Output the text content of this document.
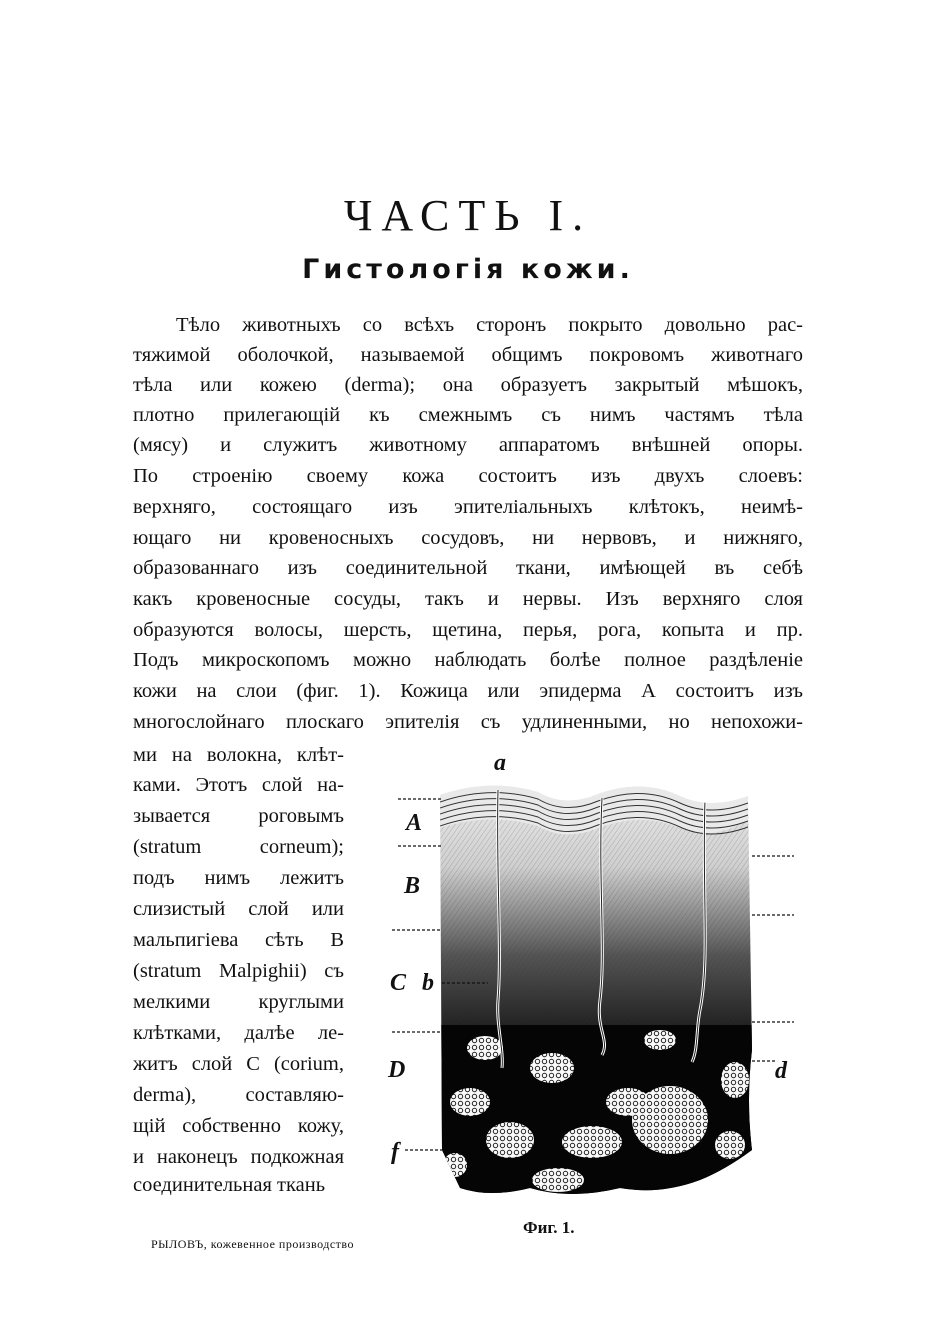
ЧАСТЬ I.
Гистологія кожи.
Тѣло животныхъ со всѣхъ сторонъ покрыто довольно рас-
тяжимой оболочкой, называемой общимъ покровомъ животнаго
тѣла или кожею (derma); она образуетъ закрытый мѣшокъ,
плотно прилегающій къ смежнымъ съ нимъ частямъ тѣла
(мясу) и служитъ животному аппаратомъ внѣшней опоры.
По строенію своему кожа состоитъ изъ двухъ слоевъ:
верхняго, состоящаго изъ эпителіальныхъ клѣтокъ, неимѣ-
ющаго ни кровеносныхъ сосудовъ, ни нервовъ, и нижняго,
образованнаго изъ соединительной ткани, имѣющей въ себѣ
какъ кровеносные сосуды, такъ и нервы. Изъ верхняго слоя
образуются волосы, шерсть, щетина, перья, рога, копыта и пр.
Подъ микроскопомъ можно наблюдать болѣе полное раздѣленіе
кожи на слои (фиг. 1). Кожица или эпидерма А состоитъ изъ
многослойнаго плоскаго эпителія съ удлиненными, но непохожи-
ми на волокна, клѣт-
ками. Этотъ слой на-
зывается роговымъ
(stratum corneum);
подъ нимъ лежитъ
слизистый слой или
мальпигіева сѣть В
(stratum Malpighii) съ
мелкими круглыми
клѣтками, далѣе ле-
житъ слой С (corium,
derma), составляю-
щій собственно кожу,
и наконецъ подкожная
соединительная ткань
a
A
B
C b
D	d
f
Фиг. 1.
РЫЛОВЪ, кожевенное производство
